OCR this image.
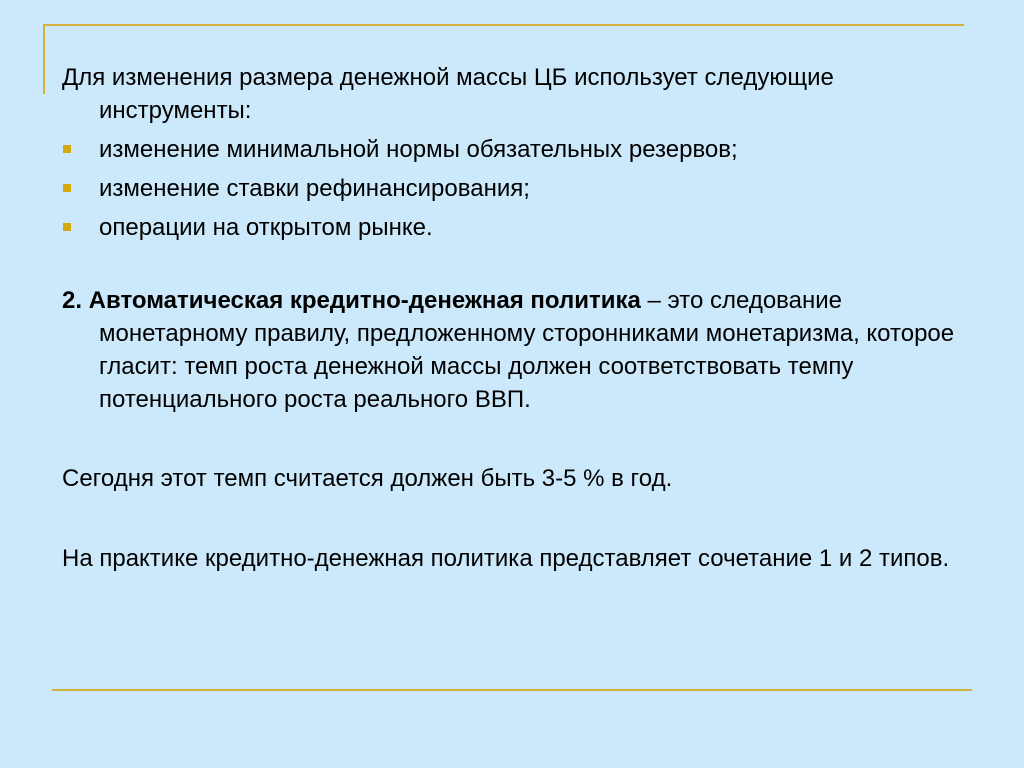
Для изменения размера денежной массы ЦБ использует следующие инструменты:

изменение минимальной нормы обязательных резервов;
изменение ставки рефинансирования;
операции на открытом рынке.

2. Автоматическая кредитно-денежная политика – это следование монетарному правилу, предложенному сторонниками монетаризма, которое гласит: темп роста денежной массы должен соответствовать темпу потенциального роста реального ВВП.

Сегодня этот темп считается должен быть 3-5 % в год.

На практике кредитно-денежная политика представляет сочетание 1 и 2 типов.
